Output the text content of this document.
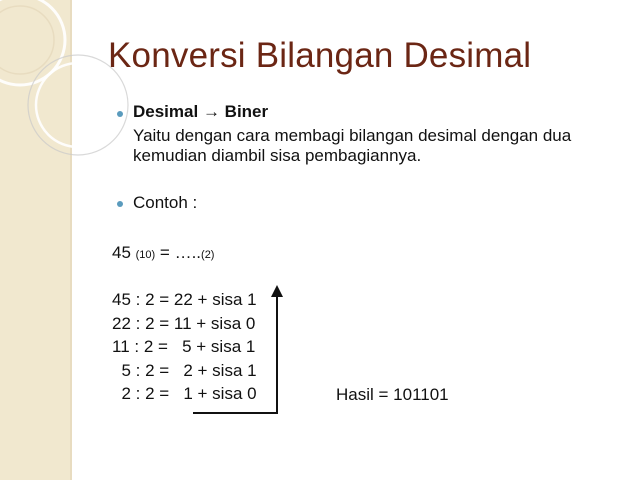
Konversi Bilangan Desimal
Desimal → Biner
Yaitu dengan cara membagi bilangan desimal dengan dua
kemudian diambil sisa pembagiannya.
Contoh :
45 (10) = …..(2)
45 : 2 = 22 + sisa 1
22 : 2 = 11 + sisa 0
11 : 2 =   5 + sisa 1
5 : 2 =   2 + sisa 1
2 : 2 =   1 + sisa 0	Hasil = 101101
